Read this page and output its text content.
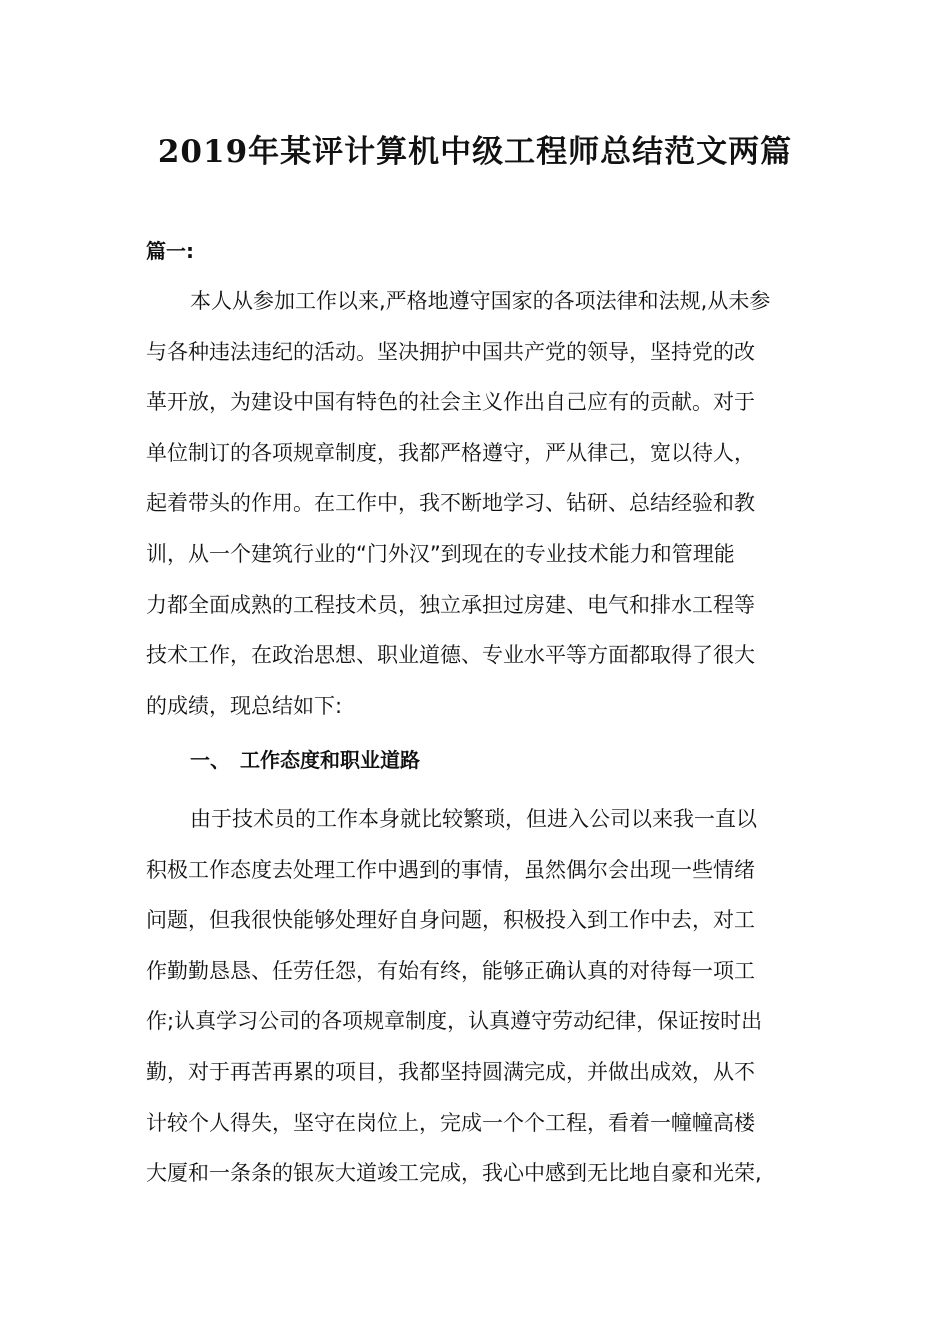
2019年某评计算机中级工程师总结范文两篇
篇一:
本人从参加工作以来,严格地遵守国家的各项法律和法规,从未参
与各种违法违纪的活动。坚决拥护中国共产党的领导，坚持党的改
革开放，为建设中国有特色的社会主义作出自己应有的贡献。对于
单位制订的各项规章制度，我都严格遵守，严从律己，宽以待人，
起着带头的作用。在工作中，我不断地学习、钻研、总结经验和教
训，从一个建筑行业的“门外汉”到现在的专业技术能力和管理能
力都全面成熟的工程技术员，独立承担过房建、电气和排水工程等
技术工作，在政治思想、职业道德、专业水平等方面都取得了很大
的成绩，现总结如下:
一、 工作态度和职业道路
由于技术员的工作本身就比较繁琐，但进入公司以来我一直以
积极工作态度去处理工作中遇到的事情，虽然偶尔会出现一些情绪
问题，但我很快能够处理好自身问题，积极投入到工作中去，对工
作勤勤恳恳、任劳任怨，有始有终，能够正确认真的对待每一项工
作;认真学习公司的各项规章制度，认真遵守劳动纪律，保证按时出
勤，对于再苦再累的项目，我都坚持圆满完成，并做出成效，从不
计较个人得失，坚守在岗位上，完成一个个工程，看着一幢幢高楼
大厦和一条条的银灰大道竣工完成，我心中感到无比地自豪和光荣,
